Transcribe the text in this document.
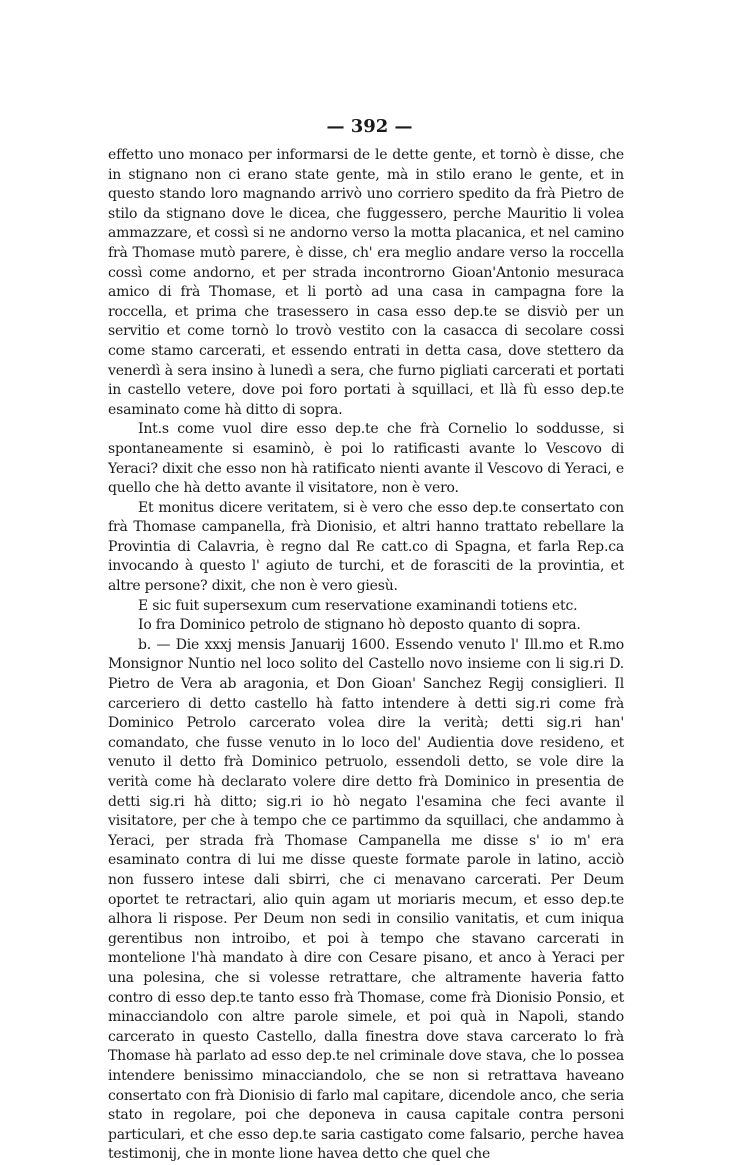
— 392 —

effetto uno monaco per informarsi de le dette gente, et tornò è disse, che in stignano non ci erano state gente, mà in stilo erano le gente, et in questo stando loro magnando arrivò uno corriero spedito da frà Pietro de stilo da stignano dove le dicea, che fuggessero, perche Mauritio li volea ammazzare, et cossì si ne andorno verso la motta placanica, et nel camino frà Thomase mutò parere, è disse, ch' era meglio andare verso la roccella cossì come andorno, et per strada incontrorno Gioan'Antonio mesuraca amico di frà Thomase, et li portò ad una casa in campagna fore la roccella, et prima che trasessero in casa esso dep.te se disviò per un servitio et come tornò lo trovò vestito con la casacca di secolare cossi come stamo carcerati, et essendo entrati in detta casa, dove stettero da venerdì à sera insino à lunedì a sera, che furno pigliati carcerati et portati in castello vetere, dove poi foro portati à squillaci, et llà fù esso dep.te esaminato come hà ditto di sopra.

Int.s come vuol dire esso dep.te che frà Cornelio lo soddusse, si spontaneamente si esaminò, è poi lo ratificasti avante lo Vescovo di Yeraci? dixit che esso non hà ratificato nienti avante il Vescovo di Yeraci, e quello che hà detto avante il visitatore, non è vero.

Et monitus dicere veritatem, si è vero che esso dep.te consertato con frà Thomase campanella, frà Dionisio, et altri hanno trattato rebellare la Provintia di Calavria, è regno dal Re catt.co di Spagna, et farla Rep.ca invocando à questo l' agiuto de turchi, et de forasciti de la provintia, et altre persone? dixit, che non è vero giesù.

E sic fuit supersexum cum reservatione examinandi totiens etc.

Io fra Dominico petrolo de stignano hò deposto quanto di sopra.

b. — Die xxxj mensis Januarij 1600. Essendo venuto l' Ill.mo et R.mo Monsignor Nuntio nel loco solito del Castello novo insieme con li sig.ri D. Pietro de Vera ab aragonia, et Don Gioan' Sanchez Regij consiglieri. Il carceriero di detto castello hà fatto intendere à detti sig.ri come frà Dominico Petrolo carcerato volea dire la verità; detti sig.ri han' comandato, che fusse venuto in lo loco del' Audientia dove resideno, et venuto il detto frà Dominico petruolo, essendoli detto, se vole dire la verità come hà declarato volere dire detto frà Dominico in presentia de detti sig.ri hà ditto; sig.ri io hò negato l'esamina che feci avante il visitatore, per che à tempo che ce partimmo da squillaci, che andammo à Yeraci, per strada frà Thomase Campanella me disse s' io m' era esaminato contra di lui me disse queste formate parole in latino, acciò non fussero intese dali sbirri, che ci menavano carcerati. Per Deum oportet te retractari, alio quin agam ut moriaris mecum, et esso dep.te alhora li rispose. Per Deum non sedi in consilio vanitatis, et cum iniqua gerentibus non introibo, et poi à tempo che stavano carcerati in montelione l'hà mandato à dire con Cesare pisano, et anco à Yeraci per una polesina, che si volesse retrattare, che altramente haveria fatto contro di esso dep.te tanto esso frà Thomase, come frà Dionisio Ponsio, et minacciandolo con altre parole simele, et poi quà in Napoli, stando carcerato in questo Castello, dalla finestra dove stava carcerato lo frà Thomase hà parlato ad esso dep.te nel criminale dove stava, che lo possea intendere benissimo minacciandolo, che se non si retrattava haveano consertato con frà Dionisio di farlo mal capitare, dicendole anco, che seria stato in regolare, poi che deponeva in causa capitale contra personi particulari, et che esso dep.te saria castigato come falsario, perche havea testimonij, che in monte lione havea detto che quel che
